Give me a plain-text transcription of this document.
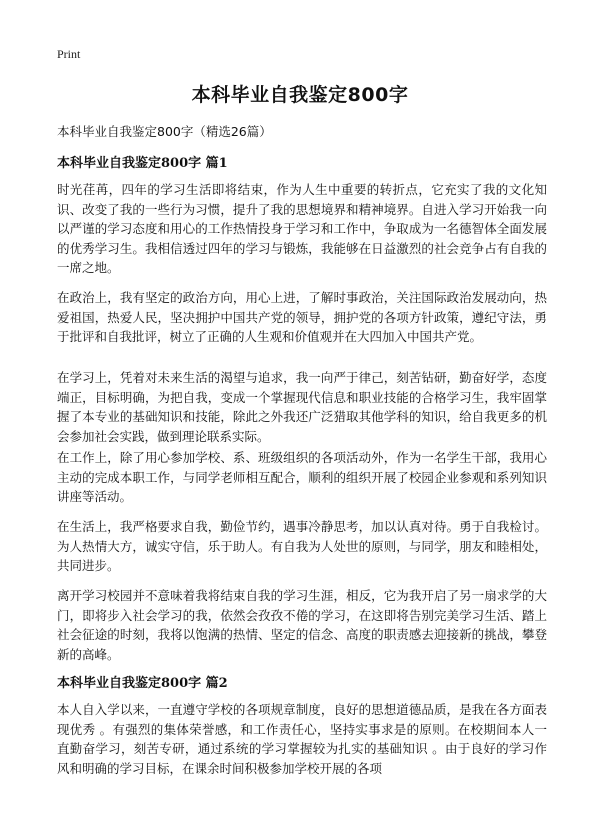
Print
本科毕业自我鉴定800字
本科毕业自我鉴定800字（精选26篇）
本科毕业自我鉴定800字 篇1
时光荏苒，四年的学习生活即将结束，作为人生中重要的转折点，它充实了我的文化知识、改变了我的一些行为习惯，提升了我的思想境界和精神境界。自进入学习开始我一向以严谨的学习态度和用心的工作热情投身于学习和工作中，争取成为一名德智体全面发展的优秀学习生。我相信透过四年的学习与锻炼，我能够在日益激烈的社会竞争占有自我的一席之地。
在政治上，我有坚定的政治方向，用心上进，了解时事政治，关注国际政治发展动向，热爱祖国，热爱人民，坚决拥护中国共产党的领导，拥护党的各项方针政策，遵纪守法，勇于批评和自我批评，树立了正确的人生观和价值观并在大四加入中国共产党。
在学习上，凭着对未来生活的渴望与追求，我一向严于律己，刻苦钻研，勤奋好学，态度端正，目标明确，为把自我，变成一个掌握现代信息和职业技能的合格学习生，我牢固掌握了本专业的基础知识和技能，除此之外我还广泛猎取其他学科的知识，给自我更多的机会参加社会实践，做到理论联系实际。
在工作上，除了用心参加学校、系、班级组织的各项活动外，作为一名学生干部，我用心主动的完成本职工作，与同学老师相互配合，顺利的组织开展了校园企业参观和系列知识讲座等活动。
在生活上，我严格要求自我，勤俭节约，遇事冷静思考，加以认真对待。勇于自我检讨。为人热情大方，诚实守信，乐于助人。有自我为人处世的原则，与同学，朋友和睦相处，共同进步。
离开学习校园并不意味着我将结束自我的学习生涯，相反，它为我开启了另一扇求学的大门，即将步入社会学习的我，依然会孜孜不倦的学习，在这即将告别完美学习生活、踏上社会征途的时刻，我将以饱满的热情、坚定的信念、高度的职责感去迎接新的挑战，攀登新的高峰。
本科毕业自我鉴定800字 篇2
本人自入学以来，一直遵守学校的各项规章制度，良好的思想道德品质，是我在各方面表现优秀 。有强烈的集体荣誉感，和工作责任心，坚持实事求是的原则。在校期间本人一直勤奋学习，刻苦专研，通过系统的学习掌握较为扎实的基础知识 。由于良好的学习作风和明确的学习目标，在课余时间积极参加学校开展的各项
